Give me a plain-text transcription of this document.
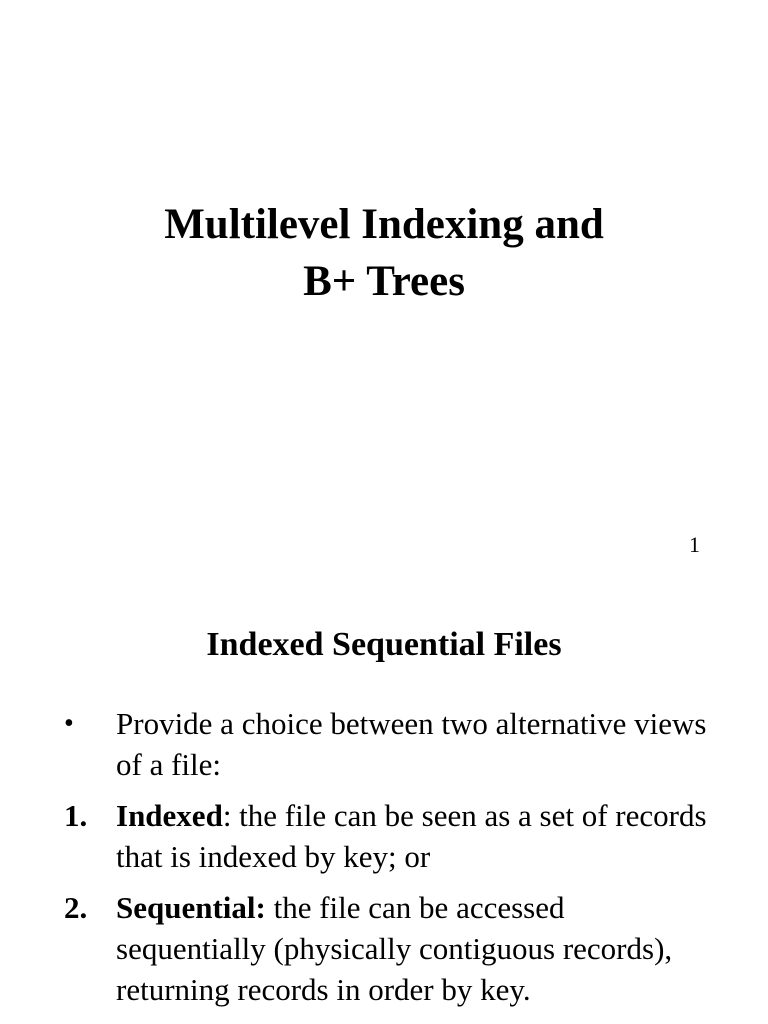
Multilevel Indexing and
B+ Trees
1
Indexed Sequential Files
• Provide a choice between two alternative views of a file:
1. Indexed: the file can be seen as a set of records that is indexed by key; or
2. Sequential: the file can be accessed sequentially (physically contiguous records), returning records in order by key.
